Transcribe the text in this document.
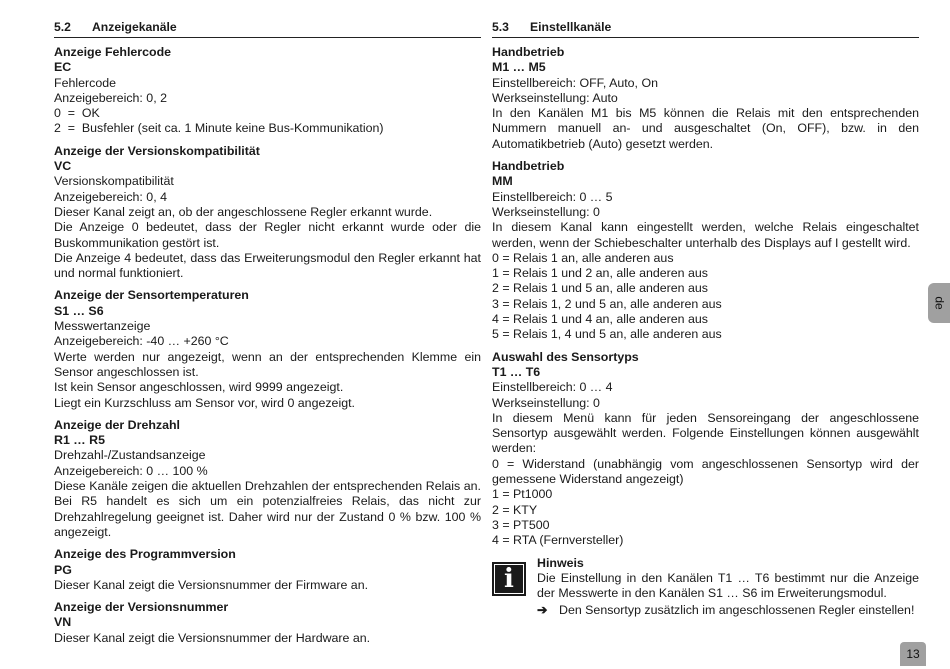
5.2 Anzeigekanäle
Anzeige Fehlercode
EC
Fehlercode
Anzeigebereich: 0, 2
0  =  OK
2  =  Busfehler (seit ca. 1 Minute keine Bus-Kommunikation)
Anzeige der Versionskompatibilität
VC
Versionskompatibilität
Anzeigebereich: 0, 4
Dieser Kanal zeigt an, ob der angeschlossene Regler erkannt wurde.
Die Anzeige 0 bedeutet, dass der Regler nicht erkannt wurde oder die Buskommunikation gestört ist.
Die Anzeige 4 bedeutet, dass das Erweiterungsmodul den Regler erkannt hat und normal funktioniert.
Anzeige der Sensortemperaturen
S1 … S6
Messwertanzeige
Anzeigebereich: -40 … +260 °C
Werte werden nur angezeigt, wenn an der entsprechenden Klemme ein Sensor angeschlossen ist.
Ist kein Sensor angeschlossen, wird 9999 angezeigt.
Liegt ein Kurzschluss am Sensor vor, wird 0 angezeigt.
Anzeige der Drehzahl
R1 … R5
Drehzahl-/Zustandsanzeige
Anzeigebereich: 0 … 100 %
Diese Kanäle zeigen die aktuellen Drehzahlen der entsprechenden Relais an. Bei R5 handelt es sich um ein potenzialfreies Relais, das nicht zur Drehzahlregelung geeignet ist. Daher wird nur der Zustand 0 % bzw. 100 % angezeigt.
Anzeige des Programmversion
PG
Dieser Kanal zeigt die Versionsnummer der Firmware an.
Anzeige der Versionsnummer
VN
Dieser Kanal zeigt die Versionsnummer der Hardware an.
5.3 Einstellkanäle
Handbetrieb
M1 … M5
Einstellbereich: OFF, Auto, On
Werkseinstellung: Auto
In den Kanälen M1 bis M5 können die Relais mit den entsprechenden Nummern manuell an- und ausgeschaltet (On, OFF), bzw. in den Automatikbetrieb (Auto) gesetzt werden.
Handbetrieb
MM
Einstellbereich: 0 … 5
Werkseinstellung: 0
In diesem Kanal kann eingestellt werden, welche Relais eingeschaltet werden, wenn der Schiebeschalter unterhalb des Displays auf I gestellt wird.
0 = Relais 1 an, alle anderen aus
1 = Relais 1 und 2 an, alle anderen aus
2 = Relais 1 und 5 an, alle anderen aus
3 = Relais 1, 2 und 5 an, alle anderen aus
4 = Relais 1 und 4 an, alle anderen aus
5 = Relais 1, 4 und 5 an, alle anderen aus
Auswahl des Sensortyps
T1 … T6
Einstellbereich: 0 … 4
Werkseinstellung: 0
In diesem Menü kann für jeden Sensoreingang der angeschlossene Sensortyp ausgewählt werden. Folgende Einstellungen können ausgewählt werden:
0 = Widerstand (unabhängig vom angeschlossenen Sensortyp wird der gemessene Widerstand angezeigt)
1 = Pt1000
2 = KTY
3 = PT500
4 = RTA (Fernversteller)
i
Hinweis
Die Einstellung in den Kanälen T1 … T6 bestimmt nur die Anzeige der Messwerte in den Kanälen S1 … S6 im Erweiterungsmodul.
➔ Den Sensortyp zusätzlich im angeschlossenen Regler einstellen!
de
13
